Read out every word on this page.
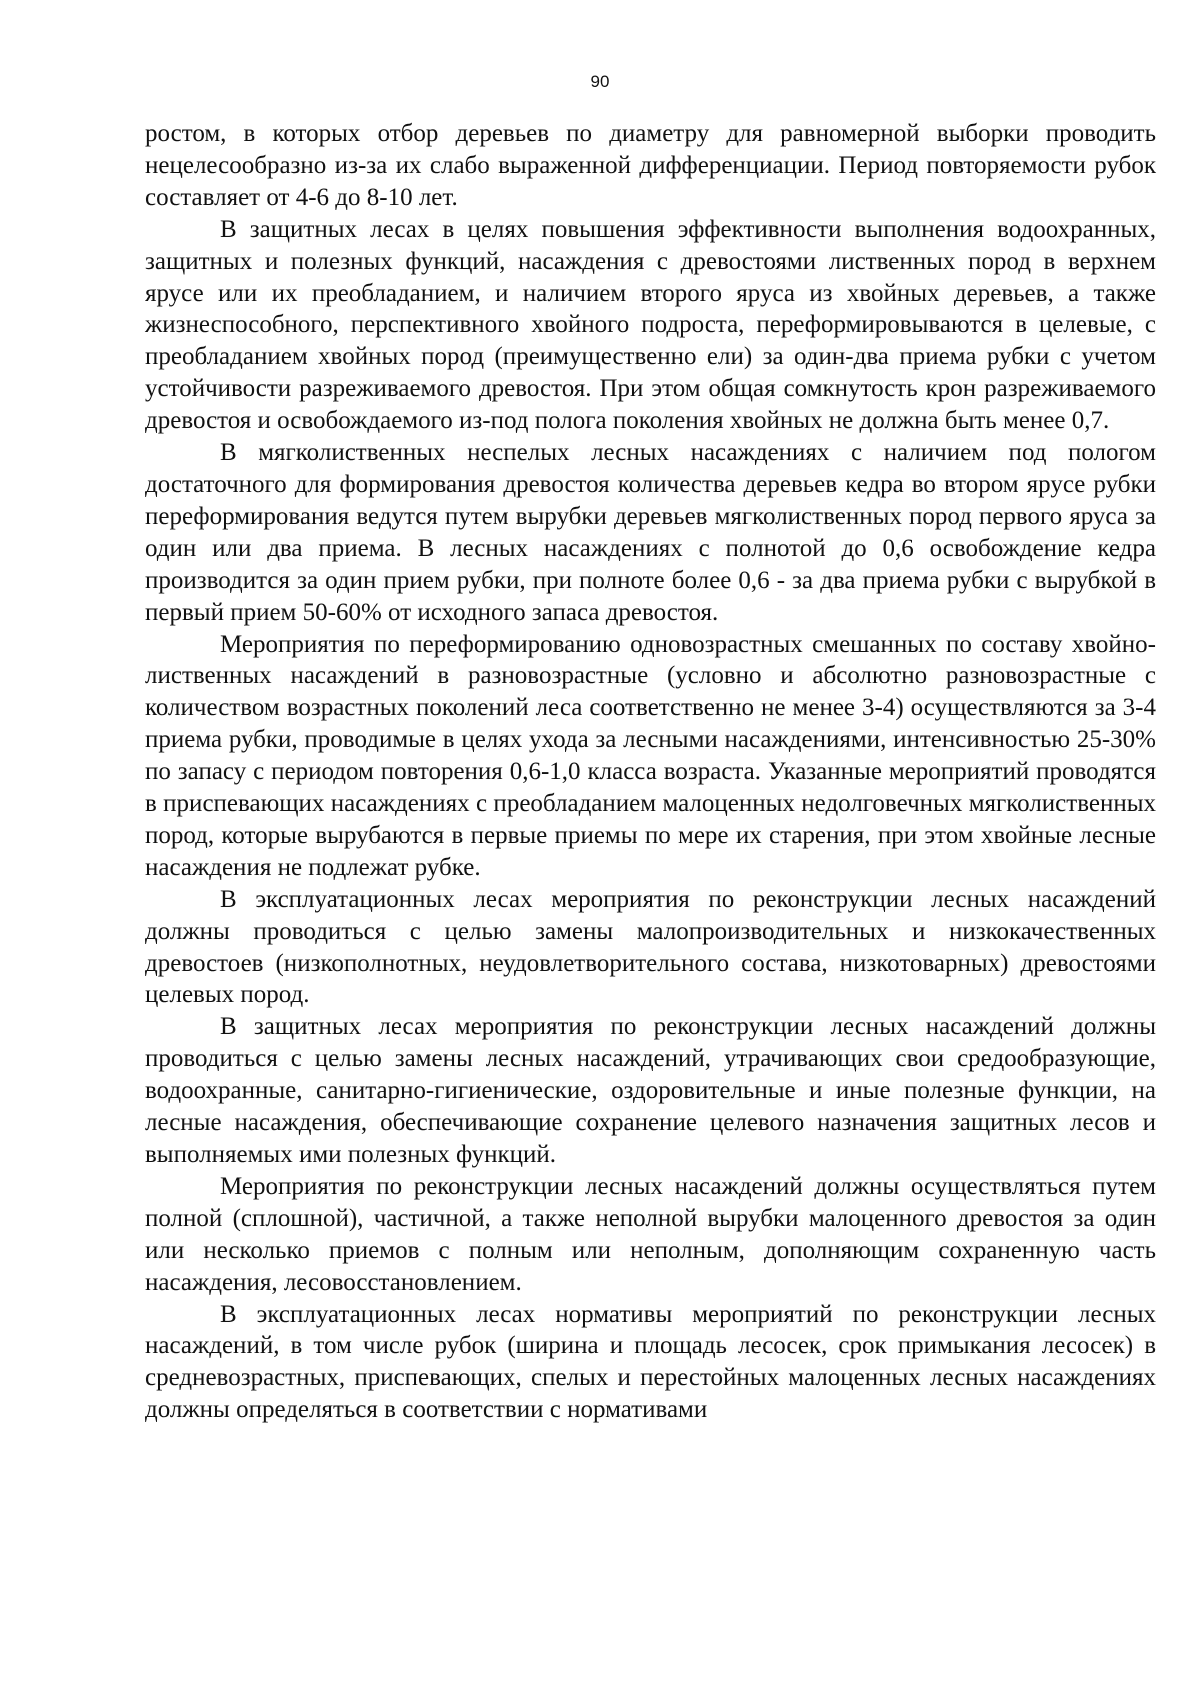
90

ростом, в которых отбор деревьев по диаметру для равномерной выборки проводить нецелесообразно из-за их слабо выраженной дифференциации. Период повторяемости рубок составляет от 4-6 до 8-10 лет.

В защитных лесах в целях повышения эффективности выполнения водоохранных, защитных и полезных функций, насаждения с древостоями лиственных пород в верхнем ярусе или их преобладанием, и наличием второго яруса из хвойных деревьев, а также жизнеспособного, перспективного хвойного подроста, переформировываются в целевые, с преобладанием хвойных пород (преимущественно ели) за один-два приема рубки с учетом устойчивости разреживаемого древостоя. При этом общая сомкнутость крон разреживаемого древостоя и освобождаемого из-под полога поколения хвойных не должна быть менее 0,7.

В мягколиственных неспелых лесных насаждениях с наличием под пологом достаточного для формирования древостоя количества деревьев кедра во втором ярусе рубки переформирования ведутся путем вырубки деревьев мягколиственных пород первого яруса за один или два приема. В лесных насаждениях с полнотой до 0,6 освобождение кедра производится за один прием рубки, при полноте более 0,6 - за два приема рубки с вырубкой в первый прием 50-60% от исходного запаса древостоя.

Мероприятия по переформированию одновозрастных смешанных по составу хвойно-лиственных насаждений в разновозрастные (условно и абсолютно разновозрастные с количеством возрастных поколений леса соответственно не менее 3-4) осуществляются за 3-4 приема рубки, проводимые в целях ухода за лесными насаждениями, интенсивностью 25-30% по запасу с периодом повторения 0,6-1,0 класса возраста. Указанные мероприятий проводятся в приспевающих насаждениях с преобладанием малоценных недолговечных мягколиственных пород, которые вырубаются в первые приемы по мере их старения, при этом хвойные лесные насаждения не подлежат рубке.

В эксплуатационных лесах мероприятия по реконструкции лесных насаждений должны проводиться с целью замены малопроизводительных и низкокачественных древостоев (низкополнотных, неудовлетворительного состава, низкотоварных) древостоями целевых пород.

В защитных лесах мероприятия по реконструкции лесных насаждений должны проводиться с целью замены лесных насаждений, утрачивающих свои средообразующие, водоохранные, санитарно-гигиенические, оздоровительные и иные полезные функции, на лесные насаждения, обеспечивающие сохранение целевого назначения защитных лесов и выполняемых ими полезных функций.

Мероприятия по реконструкции лесных насаждений должны осуществляться путем полной (сплошной), частичной, а также неполной вырубки малоценного древостоя за один или несколько приемов с полным или неполным, дополняющим сохраненную часть насаждения, лесовосстановлением.

В эксплуатационных лесах нормативы мероприятий по реконструкции лесных насаждений, в том числе рубок (ширина и площадь лесосек, срок примыкания лесосек) в средневозрастных, приспевающих, спелых и перестойных малоценных лесных насаждениях должны определяться в соответствии с нормативами
